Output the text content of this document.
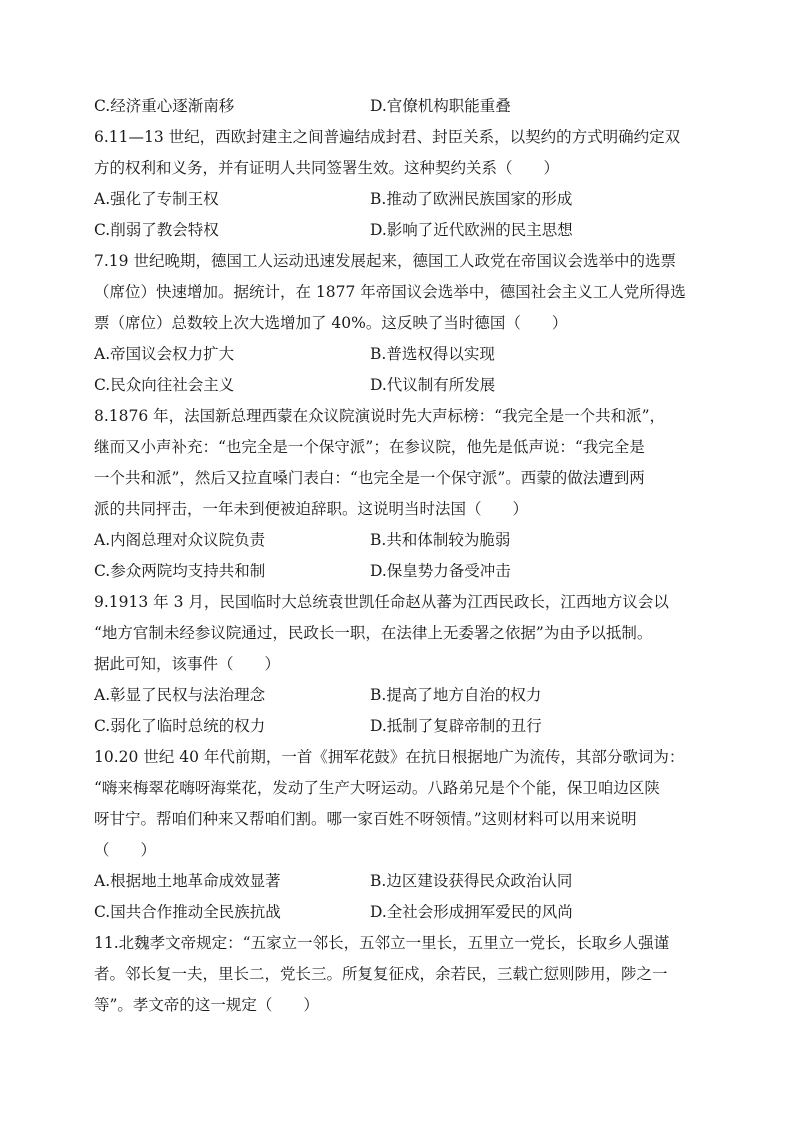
C.经济重心逐渐南移	D.官僚机构职能重叠
6.11—13 世纪，西欧封建主之间普遍结成封君、封臣关系，以契约的方式明确约定双
方的权利和义务，并有证明人共同签署生效。这种契约关系（　　）
A.强化了专制王权	B.推动了欧洲民族国家的形成
C.削弱了教会特权	D.影响了近代欧洲的民主思想
7.19 世纪晚期，德国工人运动迅速发展起来，德国工人政党在帝国议会选举中的选票
（席位）快速增加。据统计，在 1877 年帝国议会选举中，德国社会主义工人党所得选
票（席位）总数较上次大选增加了 40%。这反映了当时德国（　　）
A.帝国议会权力扩大	B.普选权得以实现
C.民众向往社会主义	D.代议制有所发展
8.1876 年，法国新总理西蒙在众议院演说时先大声标榜：“我完全是一个共和派”，
继而又小声补充：“也完全是一个保守派”；在参议院，他先是低声说：“我完全是
一个共和派”，然后又拉直嗓门表白：“也完全是一个保守派”。西蒙的做法遭到两
派的共同抨击，一年未到便被迫辞职。这说明当时法国（　　）
A.内阁总理对众议院负责	B.共和体制较为脆弱
C.参众两院均支持共和制	D.保皇势力备受冲击
9.1913 年 3 月，民国临时大总统袁世凯任命赵从蕃为江西民政长，江西地方议会以
“地方官制未经参议院通过，民政长一职，在法律上无委署之依据”为由予以抵制。
据此可知，该事件（　　）
A.彰显了民权与法治理念	B.提高了地方自治的权力
C.弱化了临时总统的权力	D.抵制了复辟帝制的丑行
10.20 世纪 40 年代前期，一首《拥军花鼓》在抗日根据地广为流传，其部分歌词为：
“嗨来梅翠花嗨呀海棠花，发动了生产大呀运动。八路弟兄是个个能，保卫咱边区陕
呀甘宁。帮咱们种来又帮咱们割。哪一家百姓不呀领情。”这则材料可以用来说明
（　　）
A.根据地土地革命成效显著	B.边区建设获得民众政治认同
C.国共合作推动全民族抗战	D.全社会形成拥军爱民的风尚
11.北魏孝文帝规定：“五家立一邻长，五邻立一里长，五里立一党长，长取乡人强谨
者。邻长复一夫，里长二，党长三。所复复征戍，余若民，三载亡愆则陟用，陟之一
等”。孝文帝的这一规定（　　）
